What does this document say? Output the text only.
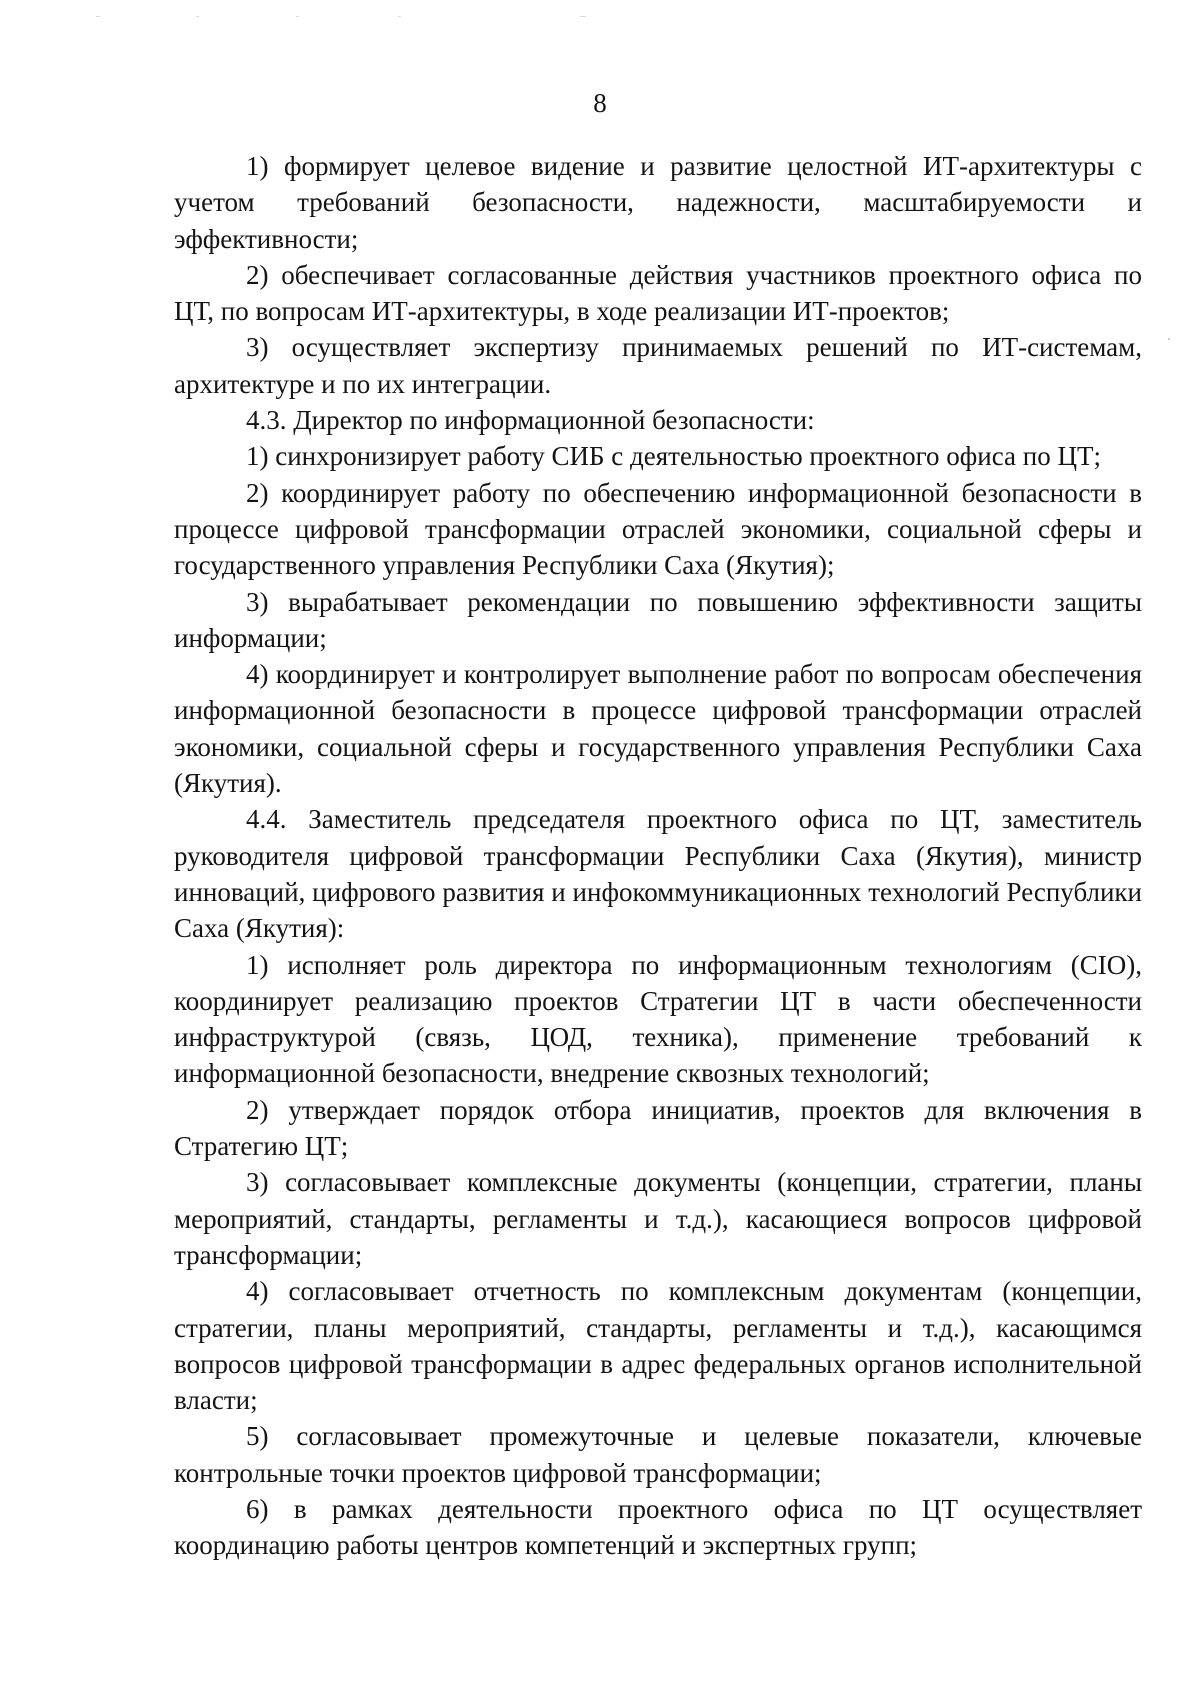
8

1) формирует целевое видение и развитие целостной ИТ-архитектуры с учетом требований безопасности, надежности, масштабируемости и эффективности;

2) обеспечивает согласованные действия участников проектного офиса по ЦТ, по вопросам ИТ-архитектуры, в ходе реализации ИТ-проектов;

3) осуществляет экспертизу принимаемых решений по ИТ-системам, архитектуре и по их интеграции.

4.3. Директор по информационной безопасности:

1) синхронизирует работу СИБ с деятельностью проектного офиса по ЦТ;

2) координирует работу по обеспечению информационной безопасности в процессе цифровой трансформации отраслей экономики, социальной сферы и государственного управления Республики Саха (Якутия);

3) вырабатывает рекомендации по повышению эффективности защиты информации;

4) координирует и контролирует выполнение работ по вопросам обеспечения информационной безопасности в процессе цифровой трансформации отраслей экономики, социальной сферы и государственного управления Республики Саха (Якутия).

4.4. Заместитель председателя проектного офиса по ЦТ, заместитель руководителя цифровой трансформации Республики Саха (Якутия), министр инноваций, цифрового развития и инфокоммуникационных технологий Республики Саха (Якутия):

1) исполняет роль директора по информационным технологиям (CIO), координирует реализацию проектов Стратегии ЦТ в части обеспеченности инфраструктурой (связь, ЦОД, техника), применение требований к информационной безопасности, внедрение сквозных технологий;

2) утверждает порядок отбора инициатив, проектов для включения в Стратегию ЦТ;

3) согласовывает комплексные документы (концепции, стратегии, планы мероприятий, стандарты, регламенты и т.д.), касающиеся вопросов цифровой трансформации;

4) согласовывает отчетность по комплексным документам (концепции, стратегии, планы мероприятий, стандарты, регламенты и т.д.), касающимся вопросов цифровой трансформации в адрес федеральных органов исполнительной власти;

5) согласовывает промежуточные и целевые показатели, ключевые контрольные точки проектов цифровой трансформации;

6) в рамках деятельности проектного офиса по ЦТ осуществляет координацию работы центров компетенций и экспертных групп;
